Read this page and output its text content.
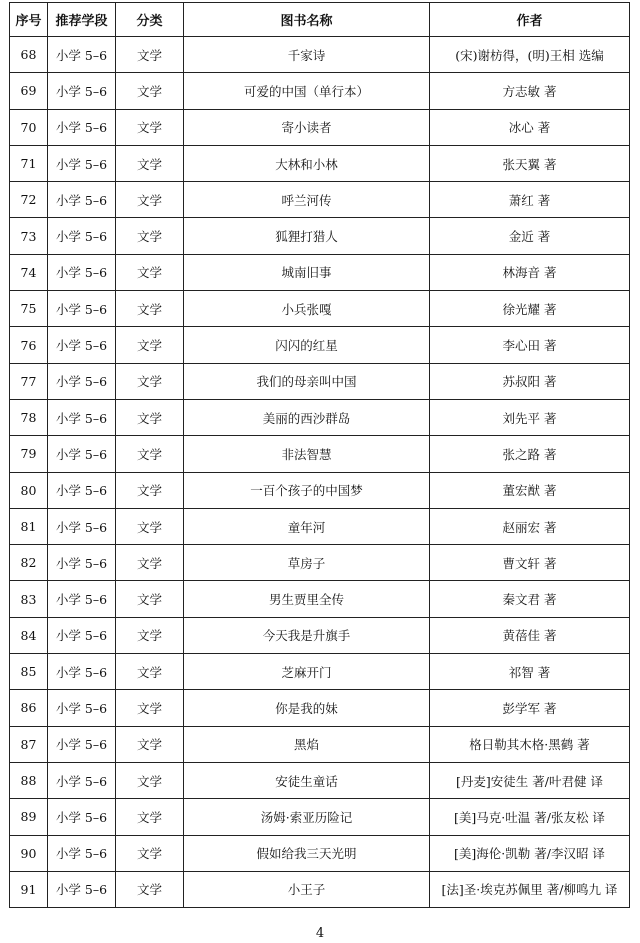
序号	推荐学段	分类	图书名称	作者
68	小学 5–6	文学	千家诗	(宋)谢枋得，(明)王相 选编
69	小学 5–6	文学	可爱的中国（单行本）	方志敏 著
70	小学 5–6	文学	寄小读者	冰心 著
71	小学 5–6	文学	大林和小林	张天翼 著
72	小学 5–6	文学	呼兰河传	萧红 著
73	小学 5–6	文学	狐狸打猎人	金近 著
74	小学 5–6	文学	城南旧事	林海音 著
75	小学 5–6	文学	小兵张嘎	徐光耀 著
76	小学 5–6	文学	闪闪的红星	李心田 著
77	小学 5–6	文学	我们的母亲叫中国	苏叔阳 著
78	小学 5–6	文学	美丽的西沙群岛	刘先平 著
79	小学 5–6	文学	非法智慧	张之路 著
80	小学 5–6	文学	一百个孩子的中国梦	董宏猷 著
81	小学 5–6	文学	童年河	赵丽宏 著
82	小学 5–6	文学	草房子	曹文轩 著
83	小学 5–6	文学	男生贾里全传	秦文君 著
84	小学 5–6	文学	今天我是升旗手	黄蓓佳 著
85	小学 5–6	文学	芝麻开门	祁智 著
86	小学 5–6	文学	你是我的妹	彭学军 著
87	小学 5–6	文学	黑焰	格日勒其木格·黑鹤 著
88	小学 5–6	文学	安徒生童话	[丹麦]安徒生 著/叶君健 译
89	小学 5–6	文学	汤姆·索亚历险记	[美]马克·吐温 著/张友松 译
90	小学 5–6	文学	假如给我三天光明	[美]海伦·凯勒 著/李汉昭 译
91	小学 5–6	文学	小王子	[法]圣·埃克苏佩里 著/柳鸣九 译
4
